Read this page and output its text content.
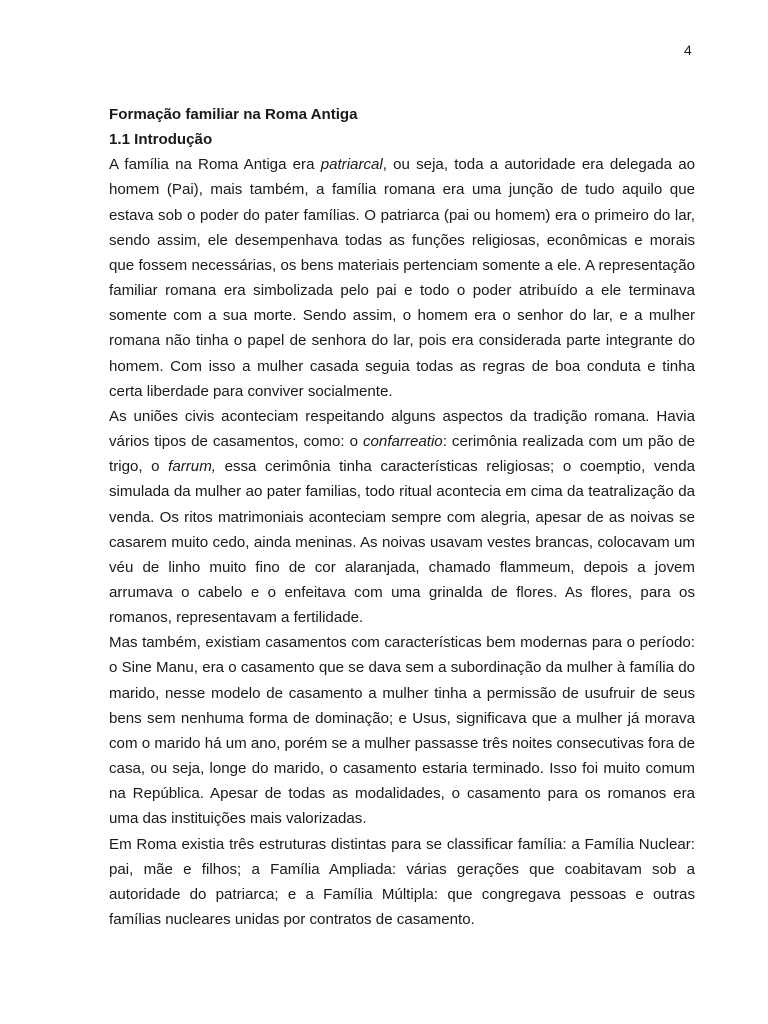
4
Formação familiar na Roma Antiga
1.1 Introdução

A família na Roma Antiga era patriarcal, ou seja, toda a autoridade era delegada ao homem (Pai), mais também, a família romana era uma junção de tudo aquilo que estava sob o poder do pater famílias. O patriarca (pai ou homem) era o primeiro do lar, sendo assim, ele desempenhava todas as funções religiosas, econômicas e morais que fossem necessárias, os bens materiais pertenciam somente a ele. A representação familiar romana era simbolizada pelo pai e todo o poder atribuído a ele terminava somente com a sua morte. Sendo assim, o homem era o senhor do lar, e a mulher romana não tinha o papel de senhora do lar, pois era considerada parte integrante do homem. Com isso a mulher casada seguia todas as regras de boa conduta e tinha certa liberdade para conviver socialmente.

As uniões civis aconteciam respeitando alguns aspectos da tradição romana. Havia vários tipos de casamentos, como: o confarreatio: cerimônia realizada com um pão de trigo, o farrum, essa cerimônia tinha características religiosas; o coemptio, venda simulada da mulher ao pater familias, todo ritual acontecia em cima da teatralização da venda. Os ritos matrimoniais aconteciam sempre com alegria, apesar de as noivas se casarem muito cedo, ainda meninas. As noivas usavam vestes brancas, colocavam um véu de linho muito fino de cor alaranjada, chamado flammeum, depois a jovem arrumava o cabelo e o enfeitava com uma grinalda de flores. As flores, para os romanos, representavam a fertilidade.

Mas também, existiam casamentos com características bem modernas para o período: o Sine Manu, era o casamento que se dava sem a subordinação da mulher à família do marido, nesse modelo de casamento a mulher tinha a permissão de usufruir de seus bens sem nenhuma forma de dominação; e Usus, significava que a mulher já morava com o marido há um ano, porém se a mulher passasse três noites consecutivas fora de casa, ou seja, longe do marido, o casamento estaria terminado. Isso foi muito comum na República. Apesar de todas as modalidades, o casamento para os romanos era uma das instituições mais valorizadas.

Em Roma existia três estruturas distintas para se classificar família: a Família Nuclear: pai, mãe e filhos; a Família Ampliada: várias gerações que coabitavam sob a autoridade do patriarca; e a Família Múltipla: que congregava pessoas e outras famílias nucleares unidas por contratos de casamento.
